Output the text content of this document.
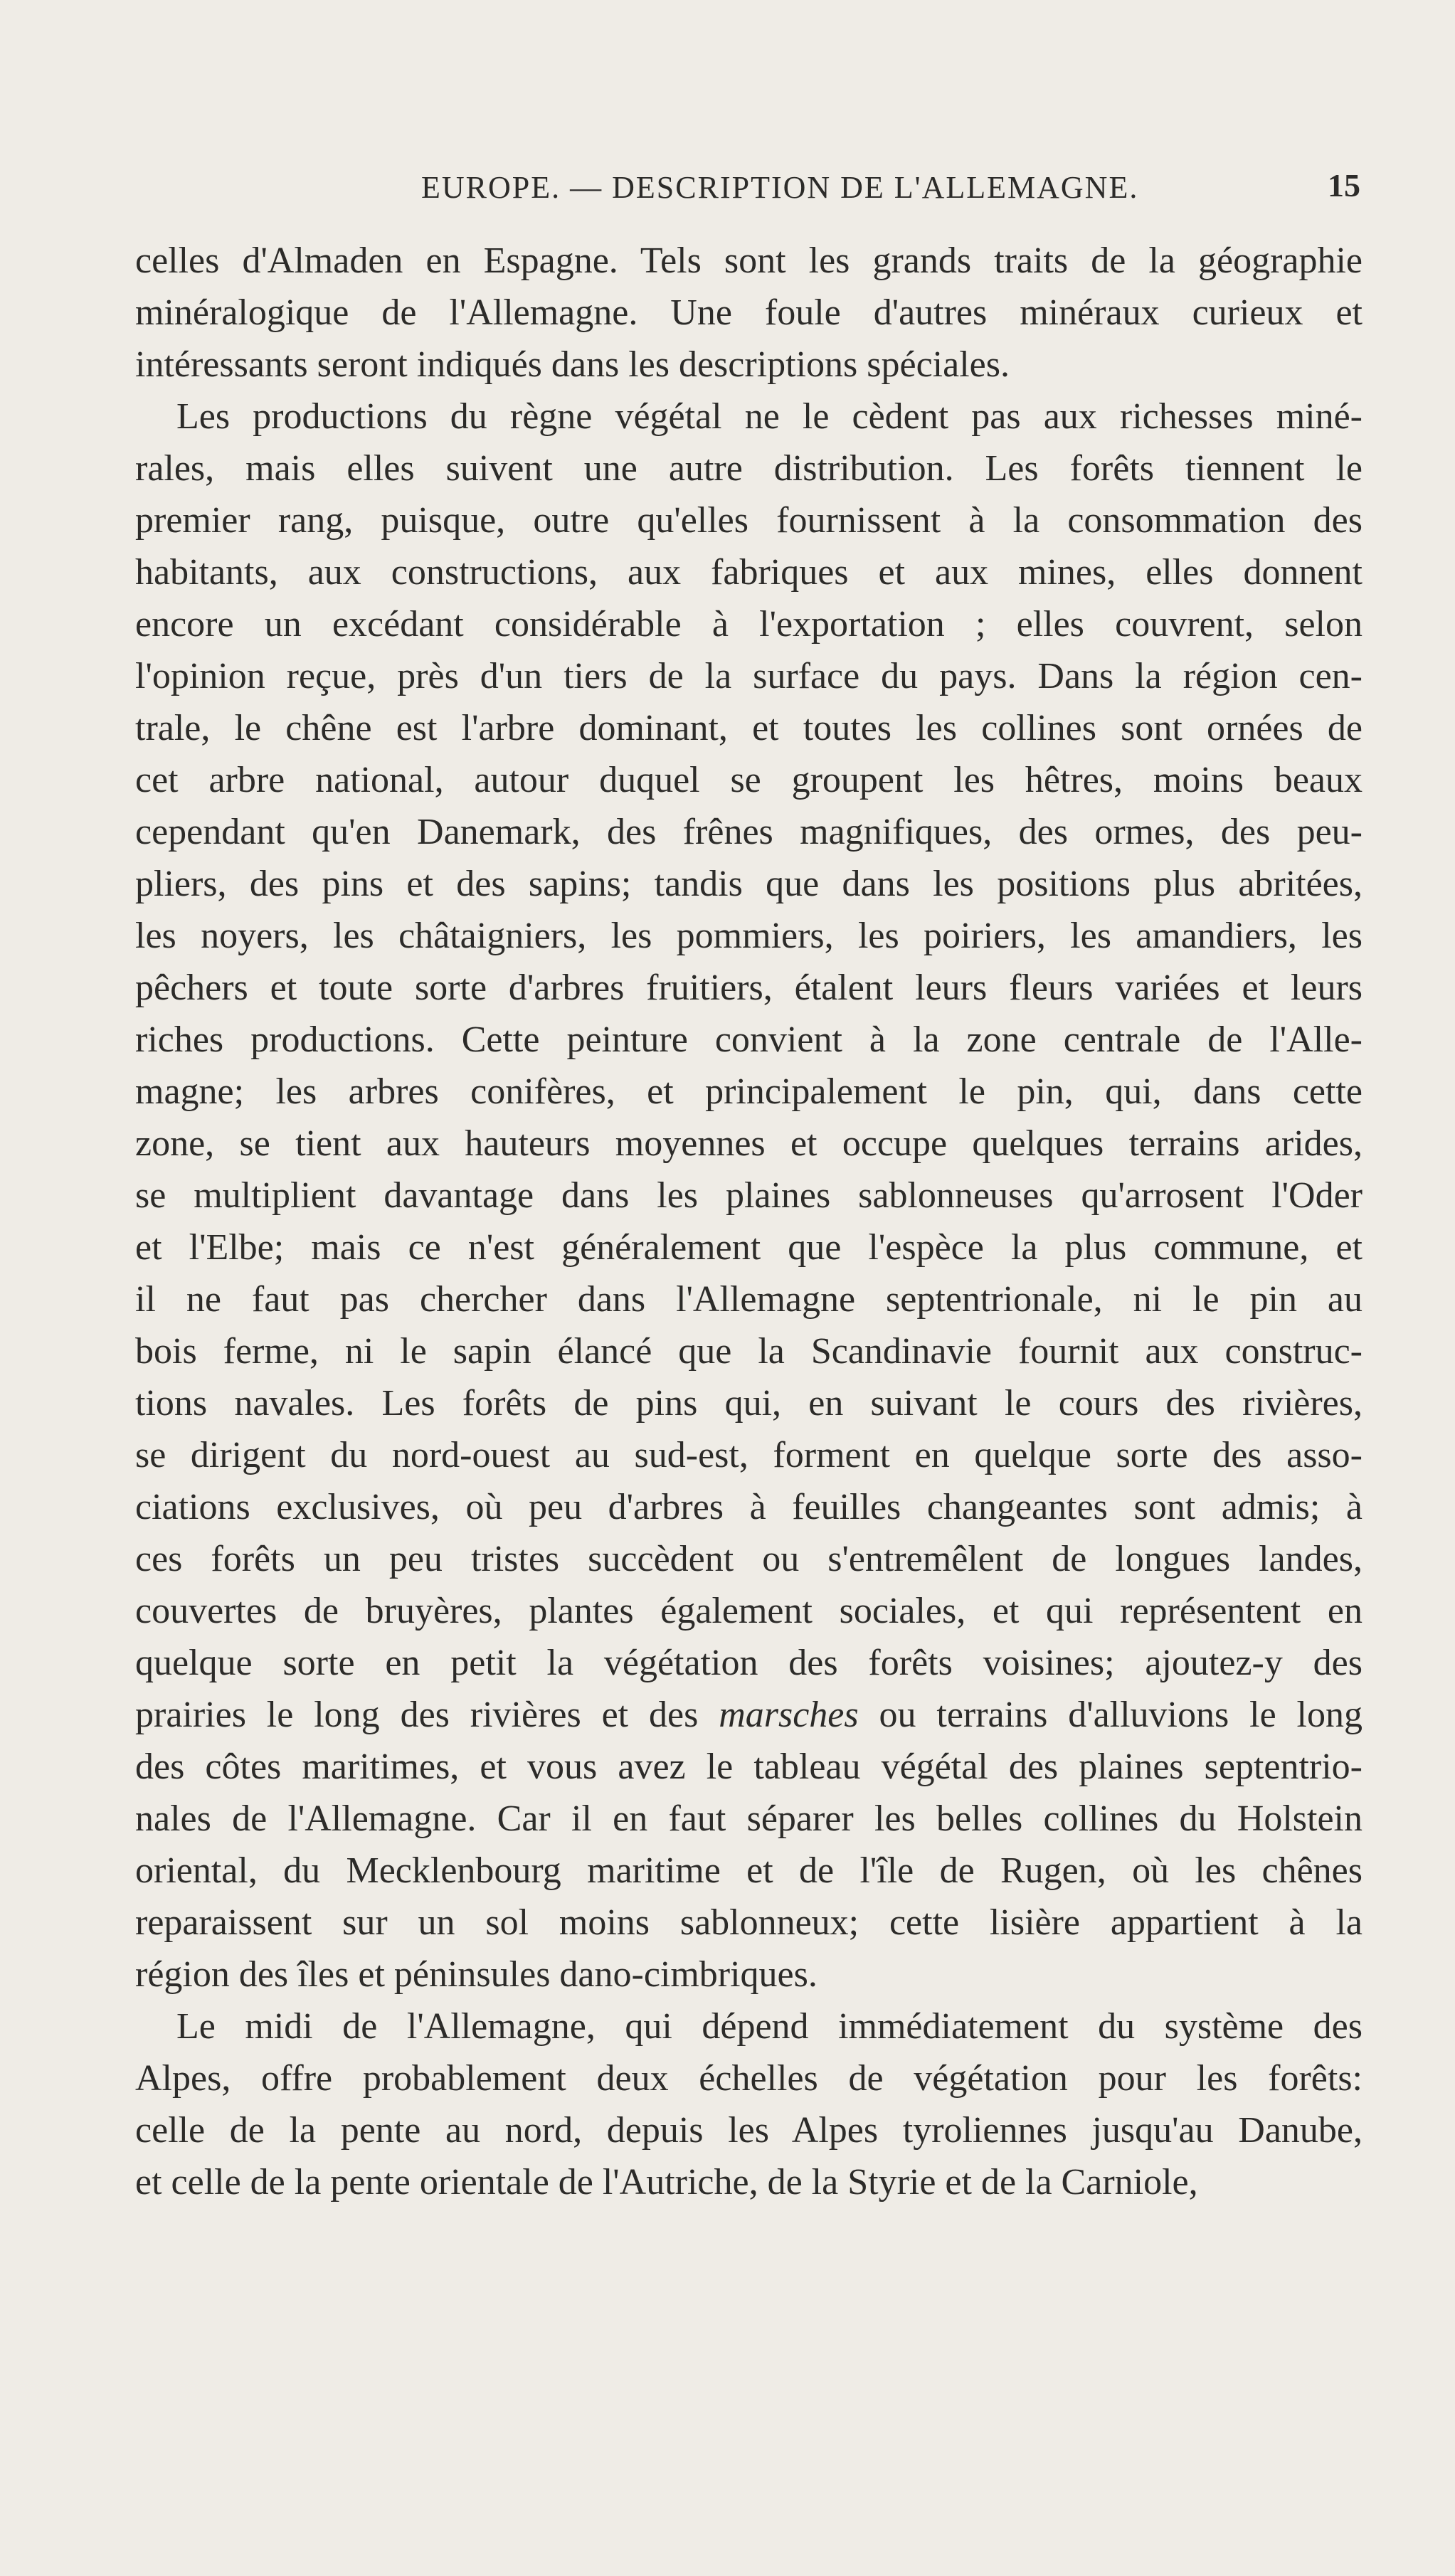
EUROPE. — DESCRIPTION DE L'ALLEMAGNE.	15

celles d'Almaden en Espagne. Tels sont les grands traits de la géographie
minéralogique de l'Allemagne. Une foule d'autres minéraux curieux et
intéressants seront indiqués dans les descriptions spéciales.

Les productions du règne végétal ne le cèdent pas aux richesses miné-
rales, mais elles suivent une autre distribution. Les forêts tiennent le
premier rang, puisque, outre qu'elles fournissent à la consommation des
habitants, aux constructions, aux fabriques et aux mines, elles donnent
encore un excédant considérable à l'exportation ; elles couvrent, selon
l'opinion reçue, près d'un tiers de la surface du pays. Dans la région cen-
trale, le chêne est l'arbre dominant, et toutes les collines sont ornées de
cet arbre national, autour duquel se groupent les hêtres, moins beaux
cependant qu'en Danemark, des frênes magnifiques, des ormes, des peu-
pliers, des pins et des sapins; tandis que dans les positions plus abritées,
les noyers, les châtaigniers, les pommiers, les poiriers, les amandiers, les
pêchers et toute sorte d'arbres fruitiers, étalent leurs fleurs variées et leurs
riches productions. Cette peinture convient à la zone centrale de l'Alle-
magne; les arbres conifères, et principalement le pin, qui, dans cette
zone, se tient aux hauteurs moyennes et occupe quelques terrains arides,
se multiplient davantage dans les plaines sablonneuses qu'arrosent l'Oder
et l'Elbe; mais ce n'est généralement que l'espèce la plus commune, et
il ne faut pas chercher dans l'Allemagne septentrionale, ni le pin au
bois ferme, ni le sapin élancé que la Scandinavie fournit aux construc-
tions navales. Les forêts de pins qui, en suivant le cours des rivières,
se dirigent du nord-ouest au sud-est, forment en quelque sorte des asso-
ciations exclusives, où peu d'arbres à feuilles changeantes sont admis; à
ces forêts un peu tristes succèdent ou s'entremêlent de longues landes,
couvertes de bruyères, plantes également sociales, et qui représentent en
quelque sorte en petit la végétation des forêts voisines; ajoutez-y des
prairies le long des rivières et des marsches ou terrains d'alluvions le long
des côtes maritimes, et vous avez le tableau végétal des plaines septentrio-
nales de l'Allemagne. Car il en faut séparer les belles collines du Holstein
oriental, du Mecklenbourg maritime et de l'île de Rugen, où les chênes
reparaissent sur un sol moins sablonneux; cette lisière appartient à la
région des îles et péninsules dano-cimbriques.

Le midi de l'Allemagne, qui dépend immédiatement du système des
Alpes, offre probablement deux échelles de végétation pour les forêts:
celle de la pente au nord, depuis les Alpes tyroliennes jusqu'au Danube,
et celle de la pente orientale de l'Autriche, de la Styrie et de la Carniole,
